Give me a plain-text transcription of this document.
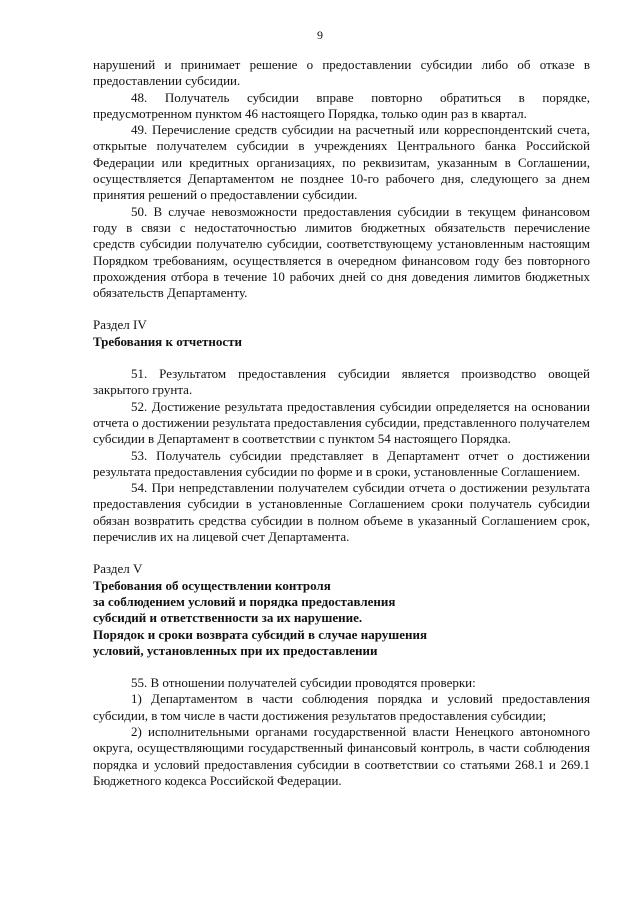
9

нарушений и принимает решение о предоставлении субсидии либо об отказе в предоставлении субсидии.

48. Получатель субсидии вправе повторно обратиться в порядке, предусмотренном пунктом 46 настоящего Порядка, только один раз в квартал.

49. Перечисление средств субсидии на расчетный или корреспондентский счета, открытые получателем субсидии в учреждениях Центрального банка Российской Федерации или кредитных организациях, по реквизитам, указанным в Соглашении, осуществляется Департаментом не позднее 10-го рабочего дня, следующего за днем принятия решений о предоставлении субсидии.

50. В случае невозможности предоставления субсидии в текущем финансовом году в связи с недостаточностью лимитов бюджетных обязательств перечисление средств субсидии получателю субсидии, соответствующему установленным настоящим Порядком требованиям, осуществляется в очередном финансовом году без повторного прохождения отбора в течение 10 рабочих дней со дня доведения лимитов бюджетных обязательств Департаменту.

Раздел IV

Требования к отчетности

51. Результатом предоставления субсидии является производство овощей закрытого грунта.

52. Достижение результата предоставления субсидии определяется на основании отчета о достижении результата предоставления субсидии, представленного получателем субсидии в Департамент в соответствии с пунктом 54 настоящего Порядка.

53. Получатель субсидии представляет в Департамент отчет о достижении результата предоставления субсидии по форме и в сроки, установленные Соглашением.

54. При непредставлении получателем субсидии отчета о достижении результата предоставления субсидии в установленные Соглашением сроки получатель субсидии обязан возвратить средства субсидии в полном объеме в указанный Соглашением срок, перечислив их на лицевой счет Департамента.

Раздел V

Требования об осуществлении контроля

за соблюдением условий и порядка предоставления

субсидий и ответственности за их нарушение.

Порядок и сроки возврата субсидий в случае нарушения

условий, установленных при их предоставлении

55. В отношении получателей субсидии проводятся проверки:

1) Департаментом в части соблюдения порядка и условий предоставления субсидии, в том числе в части достижения результатов предоставления субсидии;

2) исполнительными органами государственной власти Ненецкого автономного округа, осуществляющими государственный финансовый контроль, в части соблюдения порядка и условий предоставления субсидии в соответствии со статьями 268.1 и 269.1 Бюджетного кодекса Российской Федерации.
